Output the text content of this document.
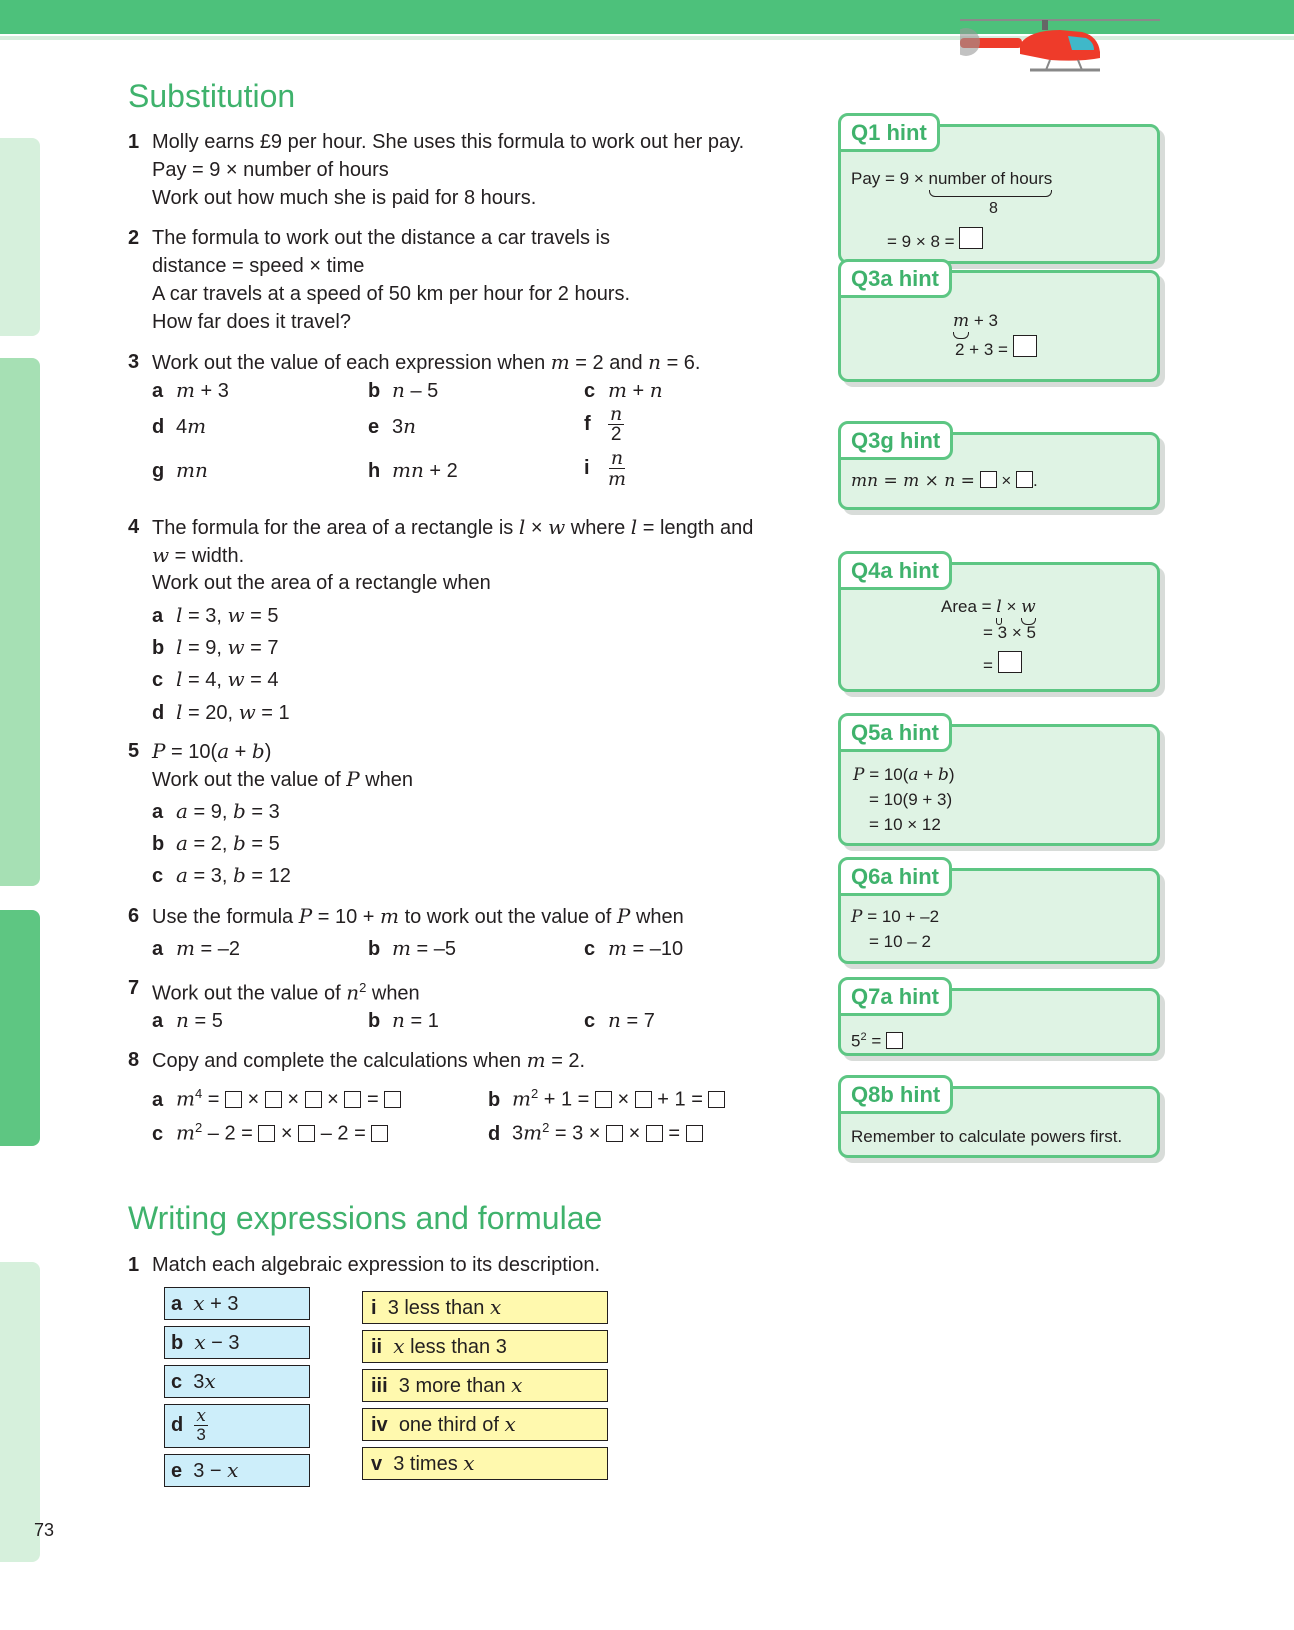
Substitution
1 Molly earns £9 per hour. She uses this formula to work out her pay.
Pay = 9 × number of hours
Work out how much she is paid for 8 hours.
2 The formula to work out the distance a car travels is
distance = speed × time
A car travels at a speed of 50 km per hour for 2 hours.
How far does it travel?
3 Work out the value of each expression when m = 2 and n = 6.
a m + 3	b n – 5	c m + n
d 4m	e 3n	f $\frac{n}{2}$
g mn	h mn + 2	i $\frac{n}{m}$
4 The formula for the area of a rectangle is l × w where l = length and
w = width.
Work out the area of a rectangle when
a l = 3, w = 5
b l = 9, w = 7
c l = 4, w = 4
d l = 20, w = 1
5 P = 10(a + b)
Work out the value of P when
a a = 9, b = 3
b a = 2, b = 5
c a = 3, b = 12
6 Use the formula P = 10 + m to work out the value of P when
a m = –2	b m = –5	c m = –10
7 Work out the value of $n^2$ when
a n = 5	b n = 1	c n = 7
8 Copy and complete the calculations when m = 2.
a $m^4$ =  ×  ×  ×  =	b $m^2 + 1$ =  ×  + 1 =
c $m^2 - 2$ =  ×  – 2 =	d $3m^2 = 3$ ×  ×  =
Q1 hint
Pay = 9 × number of hours
8
= 9 × 8 =
Q3a hint
m + 3
2 + 3 =
Q3g hint
mn = m × n =  × .
Q4a hint
Area = l × w
= 3 × 5
=
Q5a hint
P = 10(a + b)
= 10(9 + 3)
= 10 × 12
Q6a hint
P = 10 + –2
= 10 – 2
Q7a hint
$5^2$ =
Q8b hint
Remember to calculate powers first.
Writing expressions and formulae
1 Match each algebraic expression to its description.
a x + 3
b x − 3
c  3x
d $\frac{x}{3}$
e  3 − x
i 3 less than x
ii x less than 3
iii 3 more than x
iv one third of x
v 3 times x
73
